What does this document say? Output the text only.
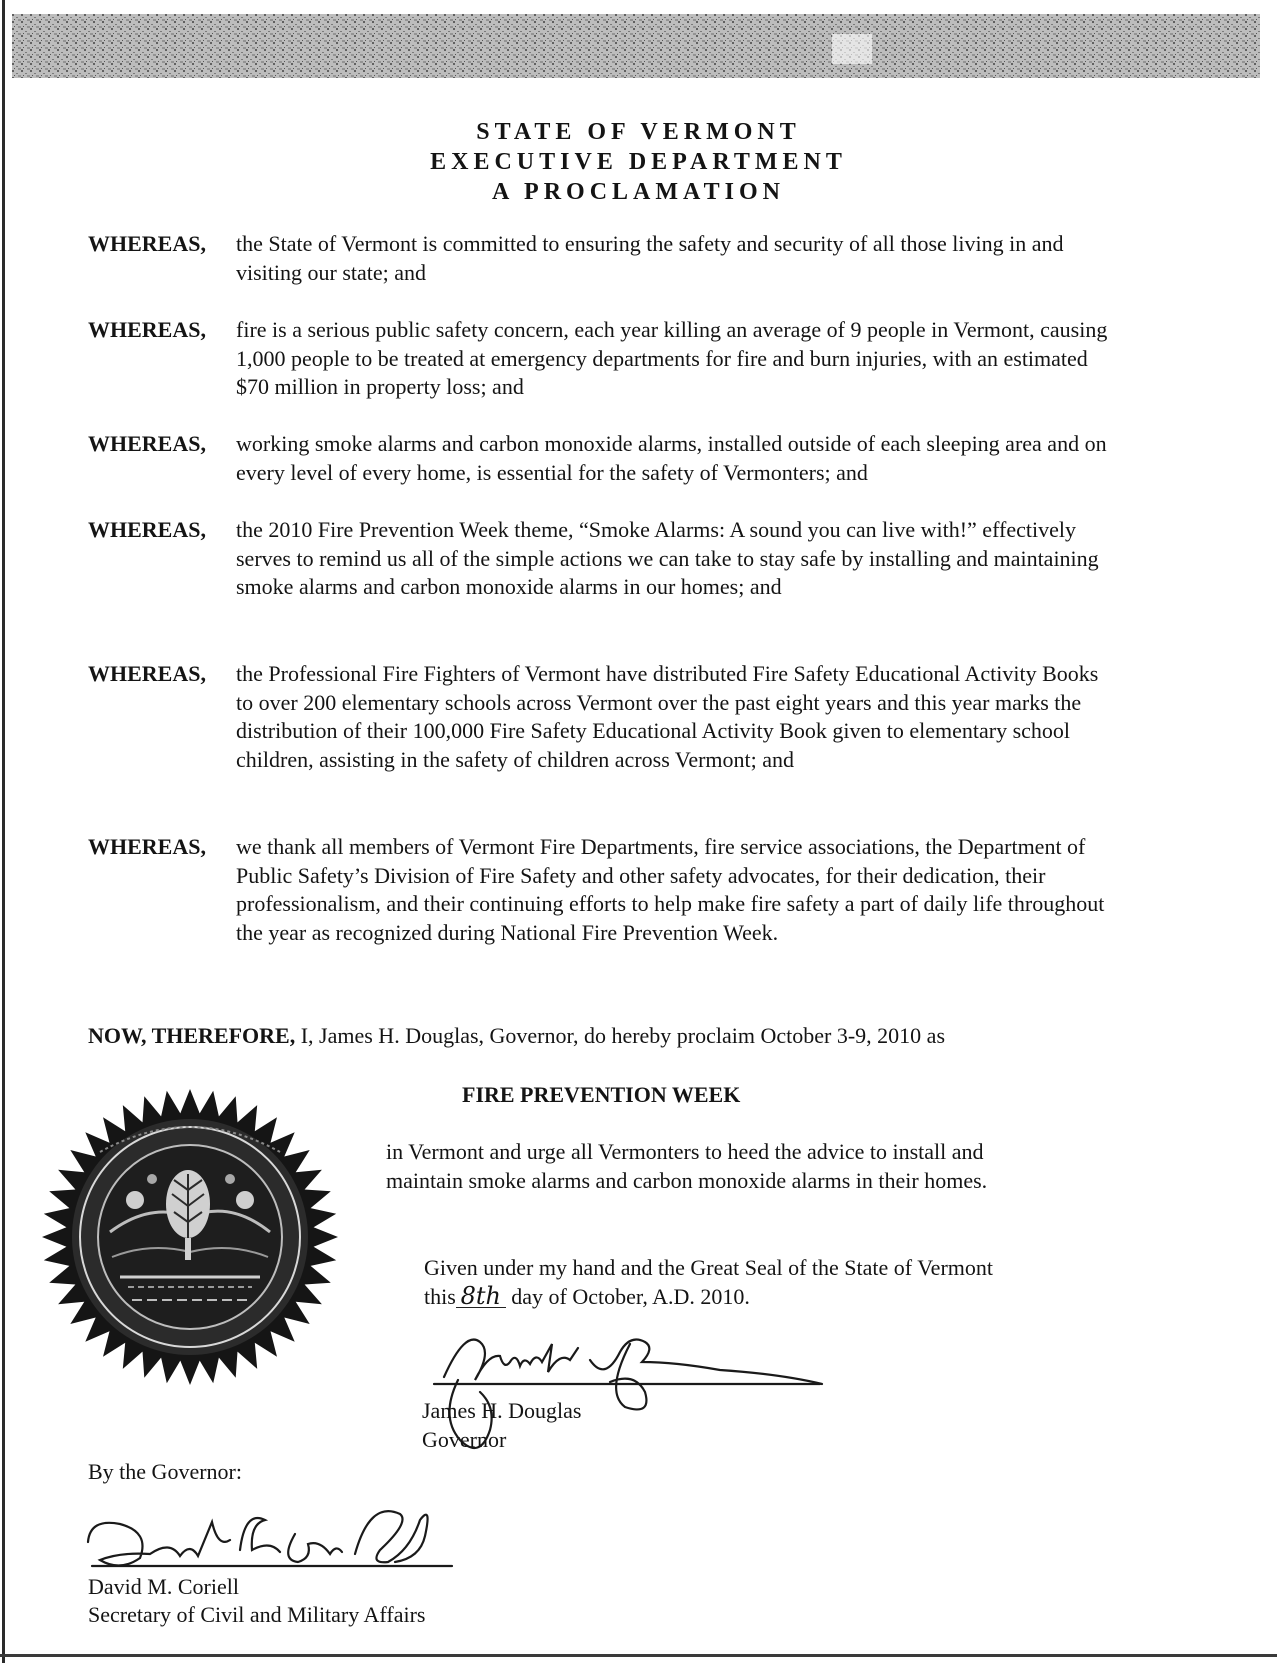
STATE OF VERMONT
EXECUTIVE DEPARTMENT
A PROCLAMATION
WHEREAS,	the State of Vermont is committed to ensuring the safety and security of all those living in and visiting our state; and
WHEREAS,	fire is a serious public safety concern, each year killing an average of 9 people in Vermont, causing 1,000 people to be treated at emergency departments for fire and burn injuries, with an estimated $70 million in property loss; and
WHEREAS,	working smoke alarms and carbon monoxide alarms, installed outside of each sleeping area and on every level of every home, is essential for the safety of Vermonters; and
WHEREAS,	the 2010 Fire Prevention Week theme, “Smoke Alarms: A sound you can live with!” effectively serves to remind us all of the simple actions we can take to stay safe by installing and maintaining smoke alarms and carbon monoxide alarms in our homes; and
WHEREAS,	the Professional Fire Fighters of Vermont have distributed Fire Safety Educational Activity Books to over 200 elementary schools across Vermont over the past eight years and this year marks the distribution of their 100,000 Fire Safety Educational Activity Book given to elementary school children, assisting in the safety of children across Vermont; and
WHEREAS,	we thank all members of Vermont Fire Departments, fire service associations, the Department of Public Safety’s Division of Fire Safety and other safety advocates, for their dedication, their professionalism, and their continuing efforts to help make fire safety a part of daily life throughout the year as recognized during National Fire Prevention Week.
NOW, THEREFORE, I, James H. Douglas, Governor, do hereby proclaim October 3-9, 2010 as
FIRE PREVENTION WEEK
in Vermont and urge all Vermonters to heed the advice to install and maintain smoke alarms and carbon monoxide alarms in their homes.
Given under my hand and the Great Seal of the State of Vermont
this 8th day of October, A.D. 2010.
James H. Douglas
Governor
By the Governor:
David M. Coriell
Secretary of Civil and Military Affairs
